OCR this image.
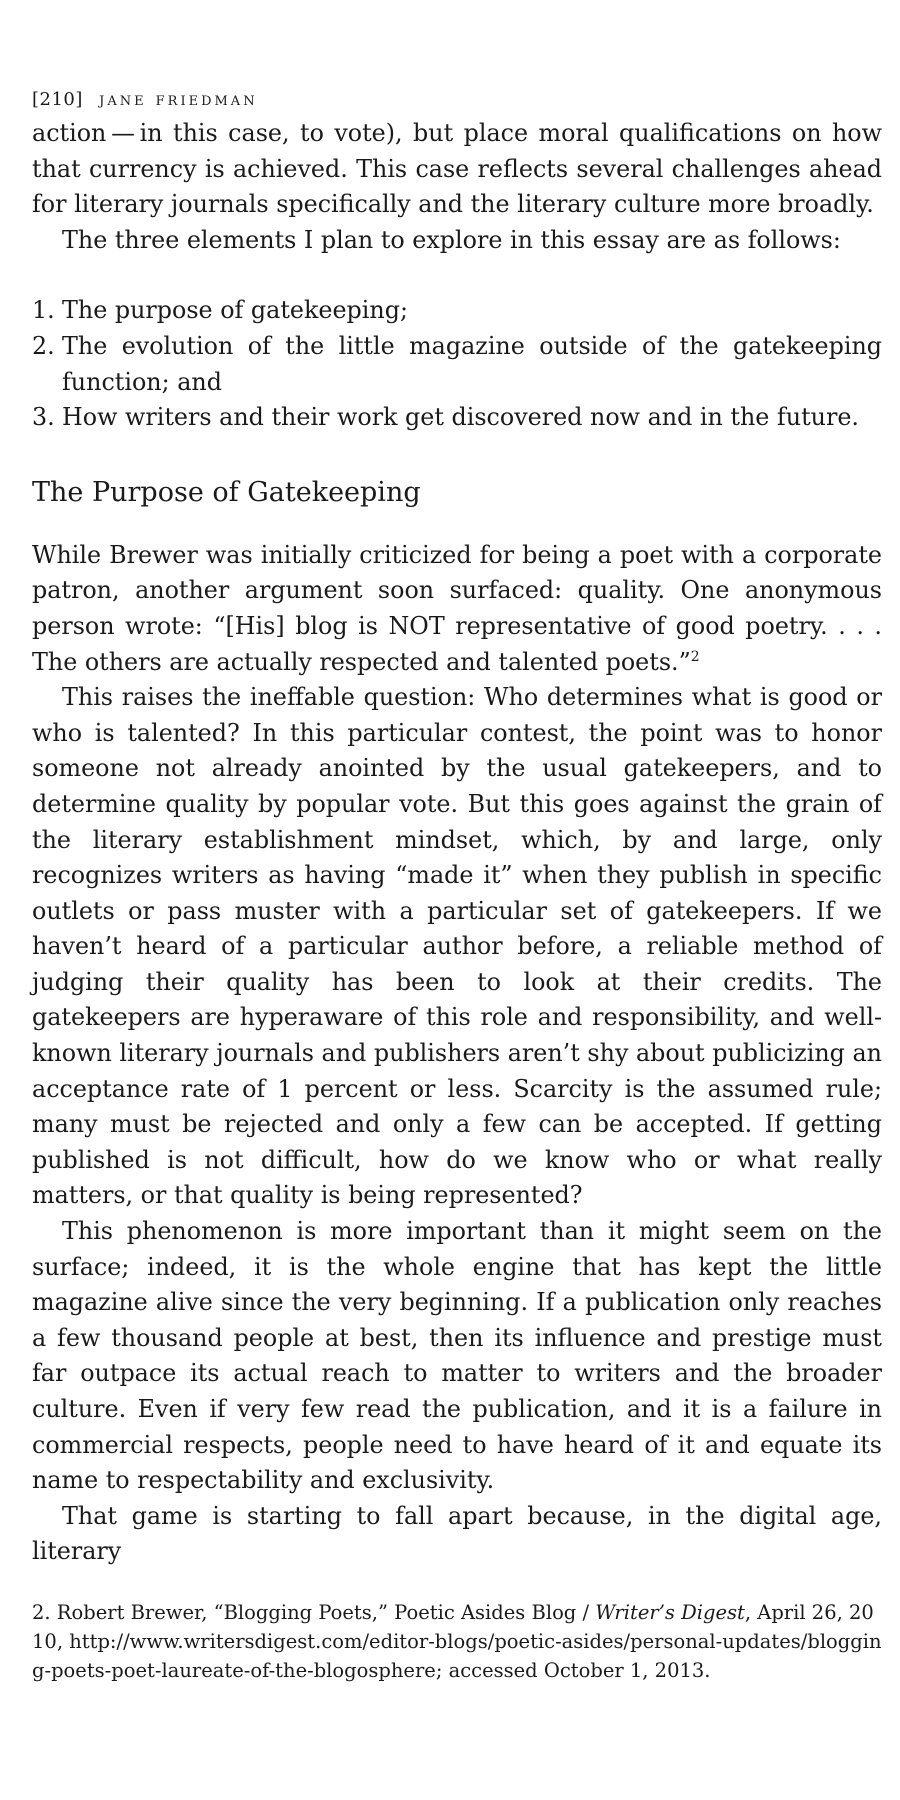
[210] jane friedman

action — in this case, to vote), but place moral qualifications on how that currency is achieved. This case reflects several challenges ahead for literary journals specifically and the literary culture more broadly.

The three elements I plan to explore in this essay are as follows:

1. The purpose of gatekeeping;
2. The evolution of the little magazine outside of the gatekeeping function; and
3. How writers and their work get discovered now and in the future.
The Purpose of Gatekeeping

While Brewer was initially criticized for being a poet with a corporate patron, another argument soon surfaced: quality. One anonymous person wrote: “[His] blog is NOT representative of good poetry. . . . The others are actually respected and talented poets.”$^2$

This raises the ineffable question: Who determines what is good or who is talented? In this particular contest, the point was to honor someone not already anointed by the usual gatekeepers, and to determine quality by popular vote. But this goes against the grain of the literary establishment mindset, which, by and large, only recognizes writers as having “made it” when they publish in specific outlets or pass muster with a particular set of gatekeepers. If we haven’t heard of a particular author before, a reliable method of judging their quality has been to look at their credits. The gatekeepers are hyperaware of this role and responsibility, and well-known literary journals and publishers aren’t shy about publicizing an acceptance rate of 1 percent or less. Scarcity is the assumed rule; many must be rejected and only a few can be accepted. If getting published is not difficult, how do we know who or what really matters, or that quality is being represented?

This phenomenon is more important than it might seem on the surface; indeed, it is the whole engine that has kept the little magazine alive since the very beginning. If a publication only reaches a few thousand people at best, then its influence and prestige must far outpace its actual reach to matter to writers and the broader culture. Even if very few read the publication, and it is a failure in commercial respects, people need to have heard of it and equate its name to respectability and exclusivity.

That game is starting to fall apart because, in the digital age, literary

2. Robert Brewer, “Blogging Poets,” Poetic Asides Blog / Writer’s Digest, April 26, 2010, http://www.writersdigest.com/editor-blogs/poetic-asides/personal-updates/blogging-poets-poet-laureate-of-the-blogosphere; accessed October 1, 2013.
